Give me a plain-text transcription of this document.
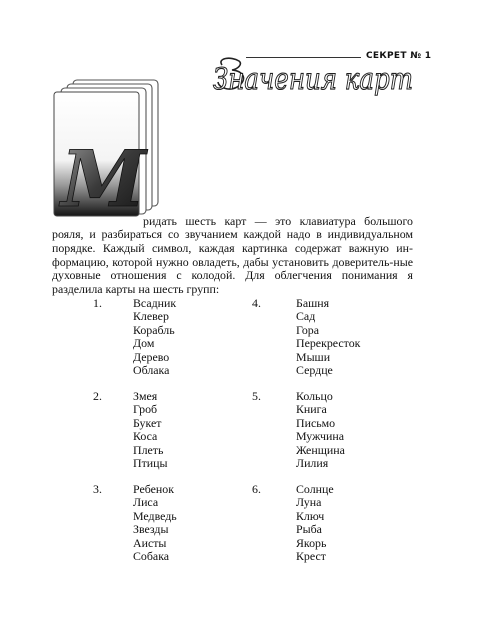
СЕКРЕТ № 1
Значения карт
M

ридать шесть карт — это клавиатура большого рояля, и разбираться со звучанием каждой надо в индивидуальном порядке. Каждый символ, каждая картинка содержат важную ин-формацию, которой нужно овладеть, дабы установить доверитель-ные духовные отношения с колодой. Для облегчения понимания я разделила карты на шесть групп:

1.	Всадник
Клевер
Корабль
Дом
Дерево
Облака
2.	Змея
Гроб
Букет
Коса
Плеть
Птицы
3.	Ребенок
Лиса
Медведь
Звезды
Аисты
Собака
4.	Башня
Сад
Гора
Перекресток
Мыши
Сердце
5.	Кольцо
Книга
Письмо
Мужчина
Женщина
Лилия
6.	Солнце
Луна
Ключ
Рыба
Якорь
Крест
